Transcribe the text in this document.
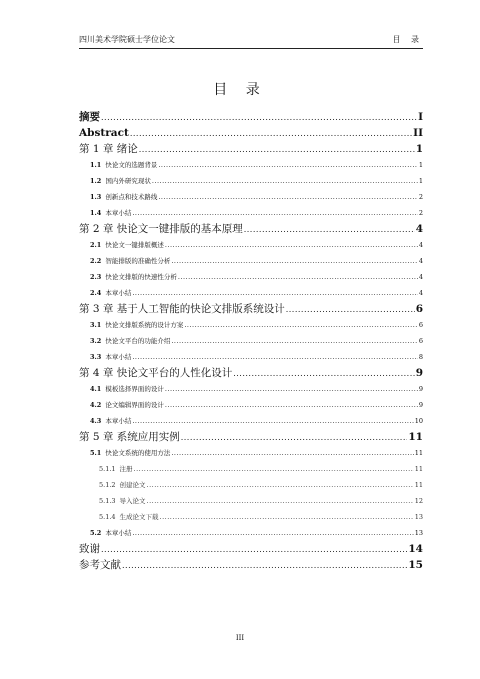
四川美术学院硕士学位论文	目 录
目 录
摘要 .....	I
Abstract .....	II
第 1 章 绪论 .....	1
1.1 快论文的选题背景 .....	1
1.2 国内外研究现状 .....	1
1.3 创新点和技术路线 .....	2
1.4 本章小结 .....	2
第 2 章 快论文一键排版的基本原理 .....	4
2.1 快论文一键排版概述 .....	4
2.2 智能排版的准确性分析 .....	4
2.3 快论文排版的快速性分析 .....	4
2.4 本章小结 .....	4
第 3 章 基于人工智能的快论文排版系统设计 .....	6
3.1 快论文排版系统的设计方案 .....	6
3.2 快论文平台的功能介绍 .....	6
3.3 本章小结 .....	8
第 4 章 快论文平台的人性化设计 .....	9
4.1 模板选择界面的设计 .....	9
4.2 论文编辑界面的设计 .....	9
4.3 本章小结 .....	10
第 5 章 系统应用实例 .....	11
5.1 快论文系统的使用方法 .....	11
5.1.1 注册 .....	11
5.1.2 创建论文 .....	11
5.1.3 导入论文 .....	12
5.1.4 生成论文下载 .....	13
5.2 本章小结 .....	13
致谢 .....	14
参考文献 .....	15
III
